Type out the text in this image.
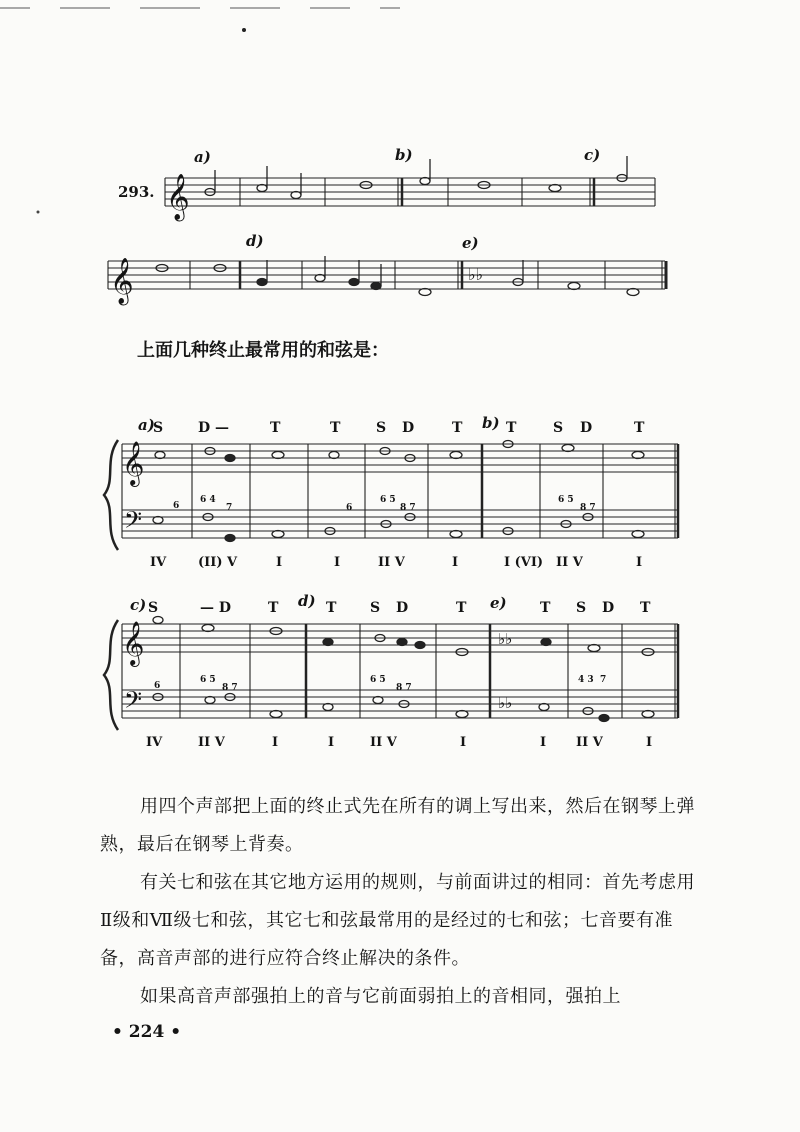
𝄞
293.
a)	b)	c)
𝄞
d)	e)
♭♭
上面几种终止最常用的和弦是：
a)	b)
S D —	T	T	S D	T	T	S D	T
𝄞
𝄢	6
6 4
7	6
6 5
8 7
6 5
8 7
IV (II) V	I	I	II V	I	I (VI) II V	I
c)	d)	e)
S	— D	T	T S D	T	T S D T
𝄞
𝄢
♭♭
♭♭
6
6 5
8 7
6 5
8 7
4 3 7
IV	II V	I	I	II V	I	I II V	I

用四个声部把上面的终止式先在所有的调上写出来，然后在钢琴上弹熟，最后在钢琴上背奏。

有关七和弦在其它地方运用的规则，与前面讲过的相同：首先考虑用Ⅱ级和Ⅶ级七和弦，其它七和弦最常用的是经过的七和弦；七音要有准备，高音声部的进行应符合终止解决的条件。

如果高音声部强拍上的音与它前面弱拍上的音相同，强拍上

• 224 •
